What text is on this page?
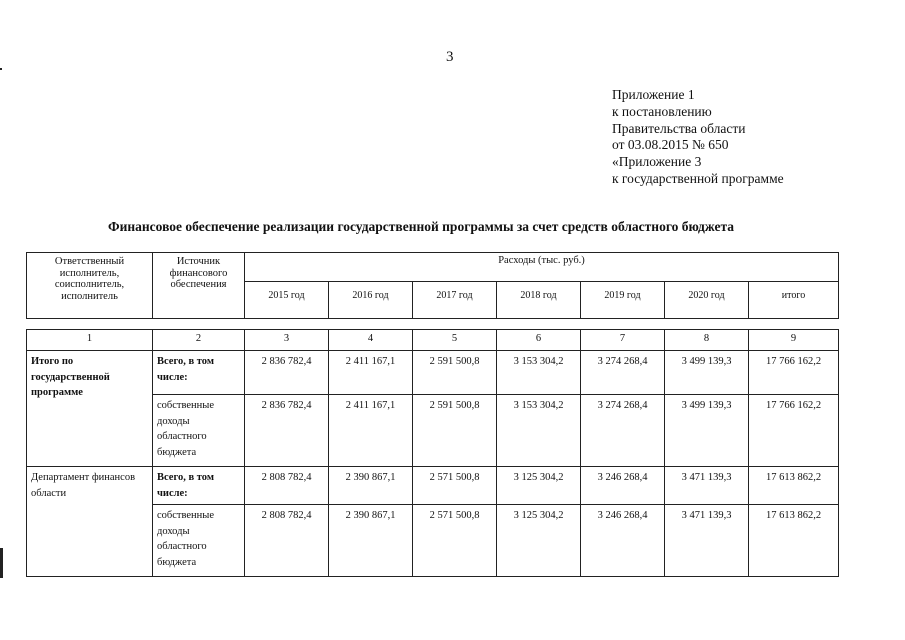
3
Приложение 1
к постановлению
Правительства области
от 03.08.2015 № 650
«Приложение 3
к государственной программе
Финансовое обеспечение реализации государственной программы за счет средств областного бюджета
Ответственный исполнитель, соисполнитель, исполнитель	Источник финансового обеспечения	Расходы (тыс. руб.)						
		2015 год	2016 год	2017 год	2018 год	2019 год	2020 год	итого
1	2	3	4	5	6	7	8	9
Итого по государственной программе	Всего, в том числе:	2 836 782,4	2 411 167,1	2 591 500,8	3 153 304,2	3 274 268,4	3 499 139,3	17 766 162,2
	собственные доходы областного бюджета	2 836 782,4	2 411 167,1	2 591 500,8	3 153 304,2	3 274 268,4	3 499 139,3	17 766 162,2
Департамент финансов области	Всего, в том числе:	2 808 782,4	2 390 867,1	2 571 500,8	3 125 304,2	3 246 268,4	3 471 139,3	17 613 862,2
	собственные доходы областного бюджета	2 808 782,4	2 390 867,1	2 571 500,8	3 125 304,2	3 246 268,4	3 471 139,3	17 613 862,2
